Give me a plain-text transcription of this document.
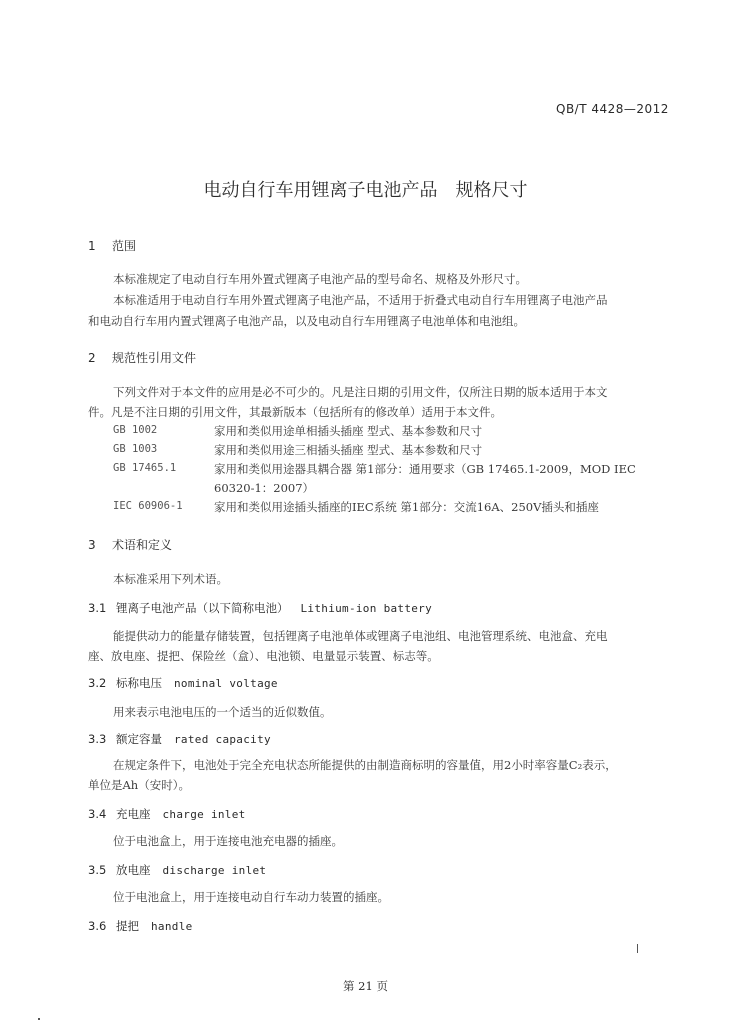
QB/T 4428—2012
电动自行车用锂离子电池产品 规格尺寸
1 范围
本标准规定了电动自行车用外置式锂离子电池产品的型号命名、规格及外形尺寸。
本标准适用于电动自行车用外置式锂离子电池产品，不适用于折叠式电动自行车用锂离子电池产品
和电动自行车用内置式锂离子电池产品，以及电动自行车用锂离子电池单体和电池组。
2 规范性引用文件
下列文件对于本文件的应用是必不可少的。凡是注日期的引用文件，仅所注日期的版本适用于本文
件。凡是不注日期的引用文件，其最新版本（包括所有的修改单）适用于本文件。
GB 1002	家用和类似用途单相插头插座 型式、基本参数和尺寸
GB 1003	家用和类似用途三相插头插座 型式、基本参数和尺寸
GB 17465.1	家用和类似用途器具耦合器 第1部分：通用要求（GB 17465.1-2009，MOD IEC
60320-1：2007）
IEC 60906-1	家用和类似用途插头插座的IEC系统 第1部分：交流16A、250V插头和插座
3 术语和定义
本标准采用下列术语。
3.1 锂离子电池产品（以下简称电池） Lithium-ion battery
能提供动力的能量存储装置，包括锂离子电池单体或锂离子电池组、电池管理系统、电池盒、充电
座、放电座、提把、保险丝（盒）、电池锁、电量显示装置、标志等。
3.2 标称电压 nominal voltage
用来表示电池电压的一个适当的近似数值。
3.3 额定容量 rated capacity
在规定条件下，电池处于完全充电状态所能提供的由制造商标明的容量值，用2小时率容量C₂表示，
单位是Ah（安时）。
3.4 充电座 charge inlet
位于电池盒上，用于连接电池充电器的插座。
3.5 放电座 discharge inlet
位于电池盒上，用于连接电动自行车动力装置的插座。
3.6 提把 handle
第 21 页
